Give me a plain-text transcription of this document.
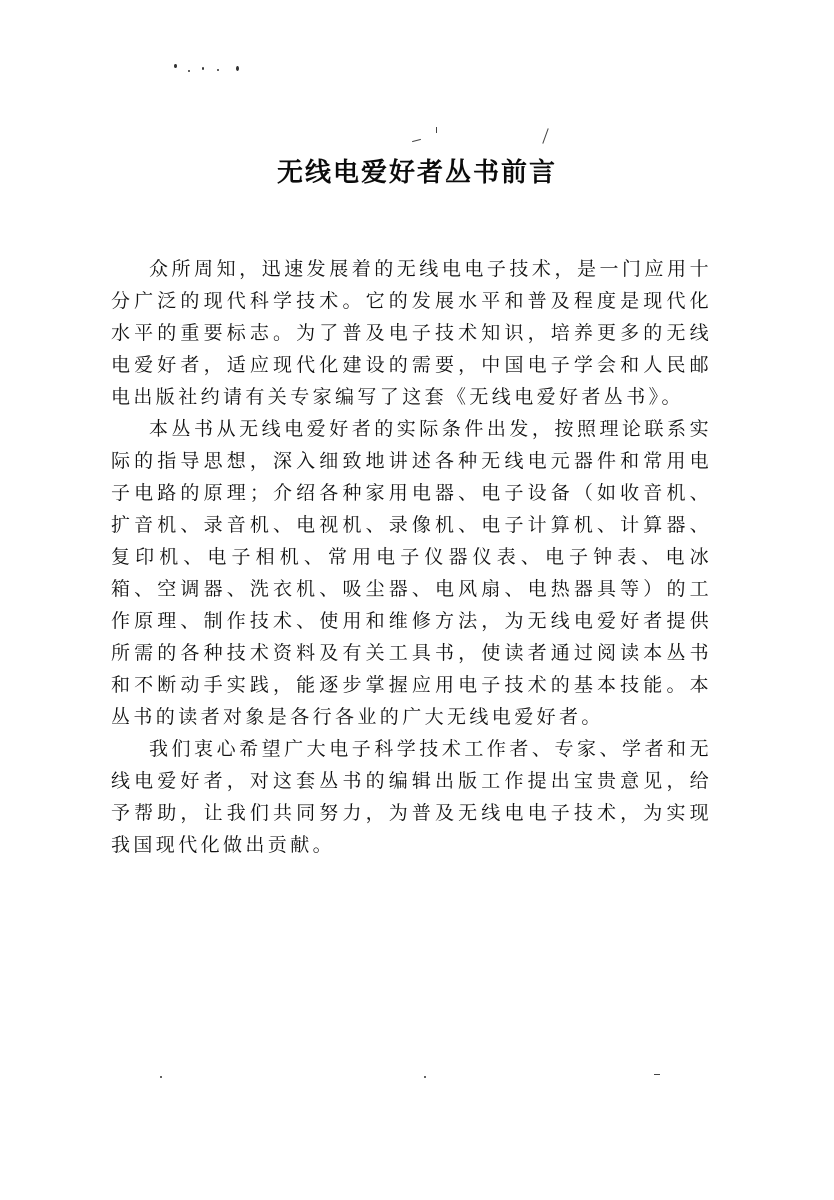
无线电爱好者丛书前言

众所周知，迅速发展着的无线电电子技术，是一门应用十分广泛的现代科学技术。它的发展水平和普及程度是现代化水平的重要标志。为了普及电子技术知识，培养更多的无线电爱好者，适应现代化建设的需要，中国电子学会和人民邮电出版社约请有关专家编写了这套《无线电爱好者丛书》。

本丛书从无线电爱好者的实际条件出发，按照理论联系实际的指导思想，深入细致地讲述各种无线电元器件和常用电子电路的原理；介绍各种家用电器、电子设备（如收音机、扩音机、录音机、电视机、录像机、电子计算机、计算器、复印机、电子相机、常用电子仪器仪表、电子钟表、电冰箱、空调器、洗衣机、吸尘器、电风扇、电热器具等）的工作原理、制作技术、使用和维修方法，为无线电爱好者提供所需的各种技术资料及有关工具书，使读者通过阅读本丛书和不断动手实践，能逐步掌握应用电子技术的基本技能。本丛书的读者对象是各行各业的广大无线电爱好者。

我们衷心希望广大电子科学技术工作者、专家、学者和无线电爱好者，对这套丛书的编辑出版工作提出宝贵意见，给予帮助，让我们共同努力，为普及无线电电子技术，为实现我国现代化做出贡献。
